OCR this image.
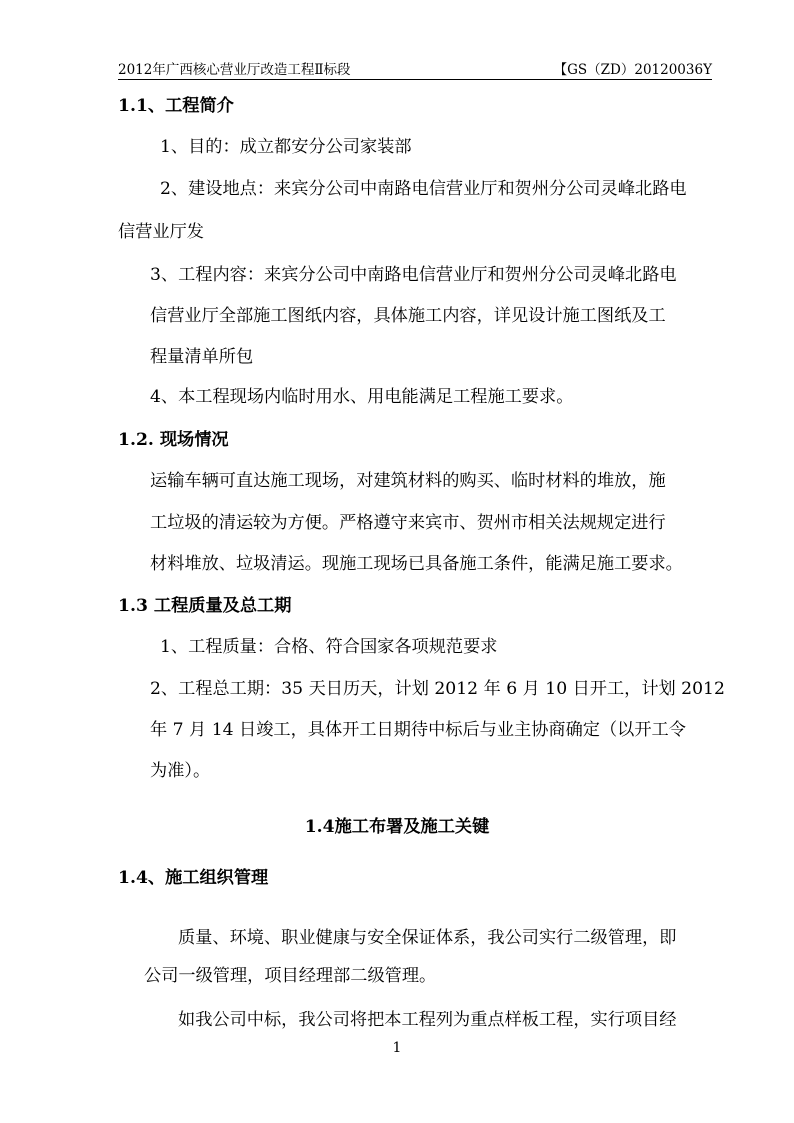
2012年广西核心营业厅改造工程Ⅱ标段	【GS（ZD）20120036Y
1.1、工程简介
1、目的：成立都安分公司家装部
2、建设地点：来宾分公司中南路电信营业厅和贺州分公司灵峰北路电
信营业厅发
3、工程内容：来宾分公司中南路电信营业厅和贺州分公司灵峰北路电
信营业厅全部施工图纸内容，具体施工内容，详见设计施工图纸及工
程量清单所包
4、本工程现场内临时用水、用电能满足工程施工要求。
1.2. 现场情况
运输车辆可直达施工现场，对建筑材料的购买、临时材料的堆放，施
工垃圾的清运较为方便。严格遵守来宾市、贺州市相关法规规定进行
材料堆放、垃圾清运。现施工现场已具备施工条件，能满足施工要求。
1.3 工程质量及总工期
1、工程质量：合格、符合国家各项规范要求
2、工程总工期：35 天日历天，计划 2012 年 6 月 10 日开工，计划 2012
年 7 月 14 日竣工，具体开工日期待中标后与业主协商确定（以开工令
为准）。
1.4施工布署及施工关键
1.4、施工组织管理
质量、环境、职业健康与安全保证体系，我公司实行二级管理，即
公司一级管理，项目经理部二级管理。
如我公司中标，我公司将把本工程列为重点样板工程，实行项目经
1
